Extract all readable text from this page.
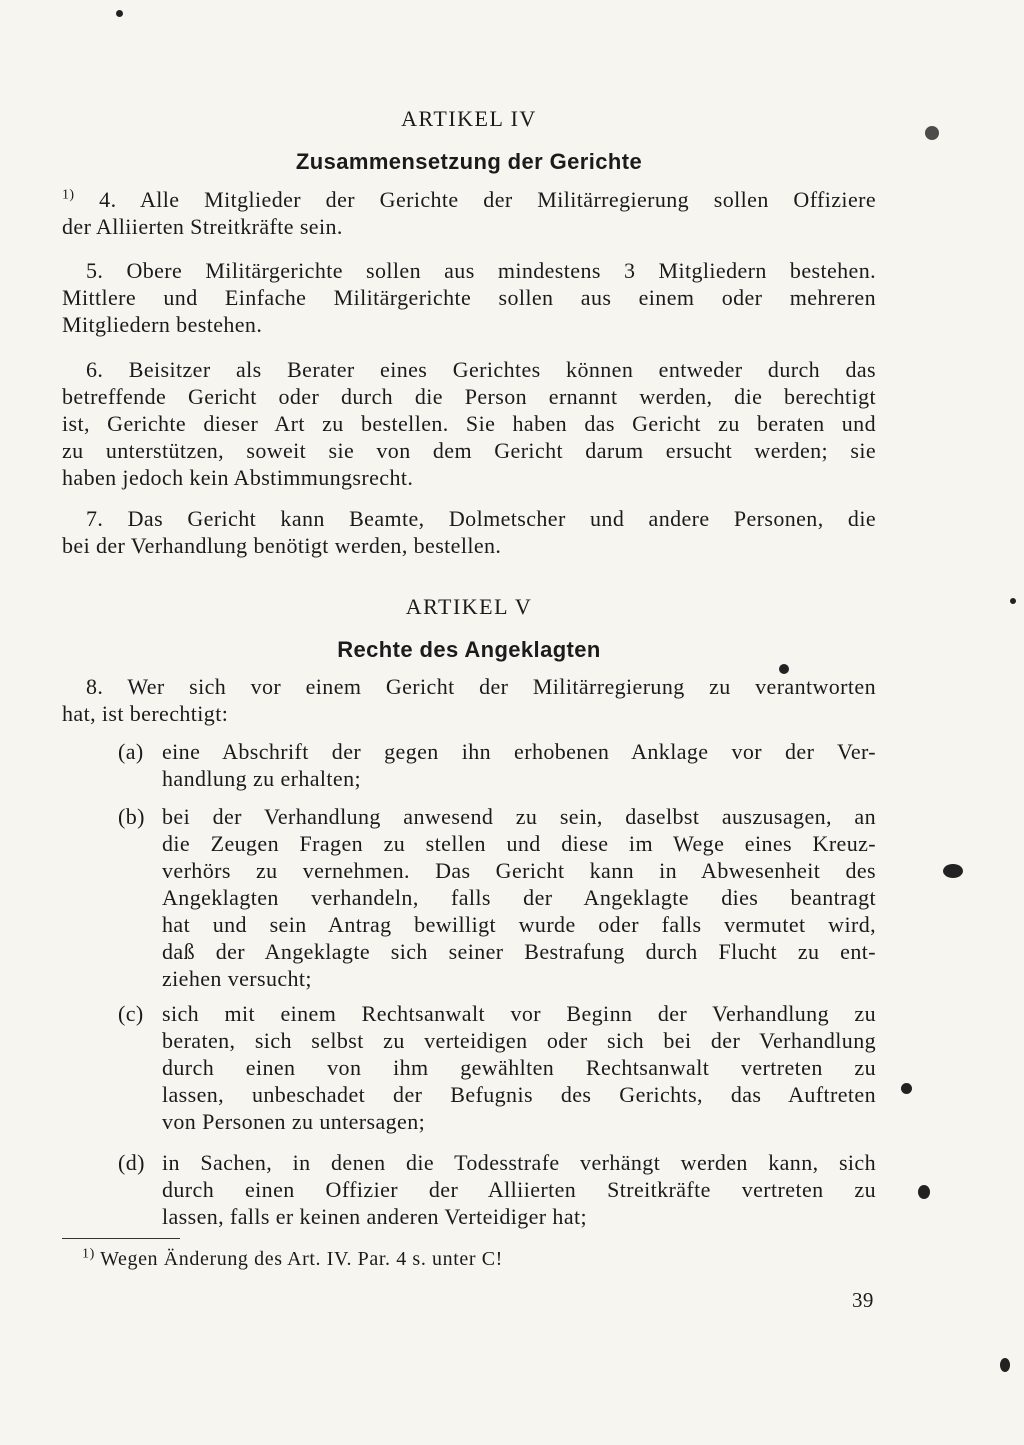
ARTIKEL IV
Zusammensetzung der Gerichte
$^{1)}$ 4. Alle Mitglieder der Gerichte der Militärregierung sollen Offiziere
der Alliierten Streitkräfte sein.
5. Obere Militärgerichte sollen aus mindestens 3 Mitgliedern bestehen.
Mittlere und Einfache Militärgerichte sollen aus einem oder mehreren
Mitgliedern bestehen.
6. Beisitzer als Berater eines Gerichtes können entweder durch das
betreffende Gericht oder durch die Person ernannt werden, die berechtigt
ist, Gerichte dieser Art zu bestellen. Sie haben das Gericht zu beraten und
zu unterstützen, soweit sie von dem Gericht darum ersucht werden; sie
haben jedoch kein Abstimmungsrecht.
7. Das Gericht kann Beamte, Dolmetscher und andere Personen, die
bei der Verhandlung benötigt werden, bestellen.
ARTIKEL V
Rechte des Angeklagten
8. Wer sich vor einem Gericht der Militärregierung zu verantworten
hat, ist berechtigt:
(a) eine Abschrift der gegen ihn erhobenen Anklage vor der Ver-
handlung zu erhalten;
(b) bei der Verhandlung anwesend zu sein, daselbst auszusagen, an
die Zeugen Fragen zu stellen und diese im Wege eines Kreuz-
verhörs zu vernehmen. Das Gericht kann in Abwesenheit des
Angeklagten verhandeln, falls der Angeklagte dies beantragt
hat und sein Antrag bewilligt wurde oder falls vermutet wird,
daß der Angeklagte sich seiner Bestrafung durch Flucht zu ent-
ziehen versucht;
(c) sich mit einem Rechtsanwalt vor Beginn der Verhandlung zu
beraten, sich selbst zu verteidigen oder sich bei der Verhandlung
durch einen von ihm gewählten Rechtsanwalt vertreten zu
lassen, unbeschadet der Befugnis des Gerichts, das Auftreten
von Personen zu untersagen;
(d) in Sachen, in denen die Todesstrafe verhängt werden kann, sich
durch einen Offizier der Alliierten Streitkräfte vertreten zu
lassen, falls er keinen anderen Verteidiger hat;
$^{1)}$ Wegen Änderung des Art. IV. Par. 4 s. unter C!
39
